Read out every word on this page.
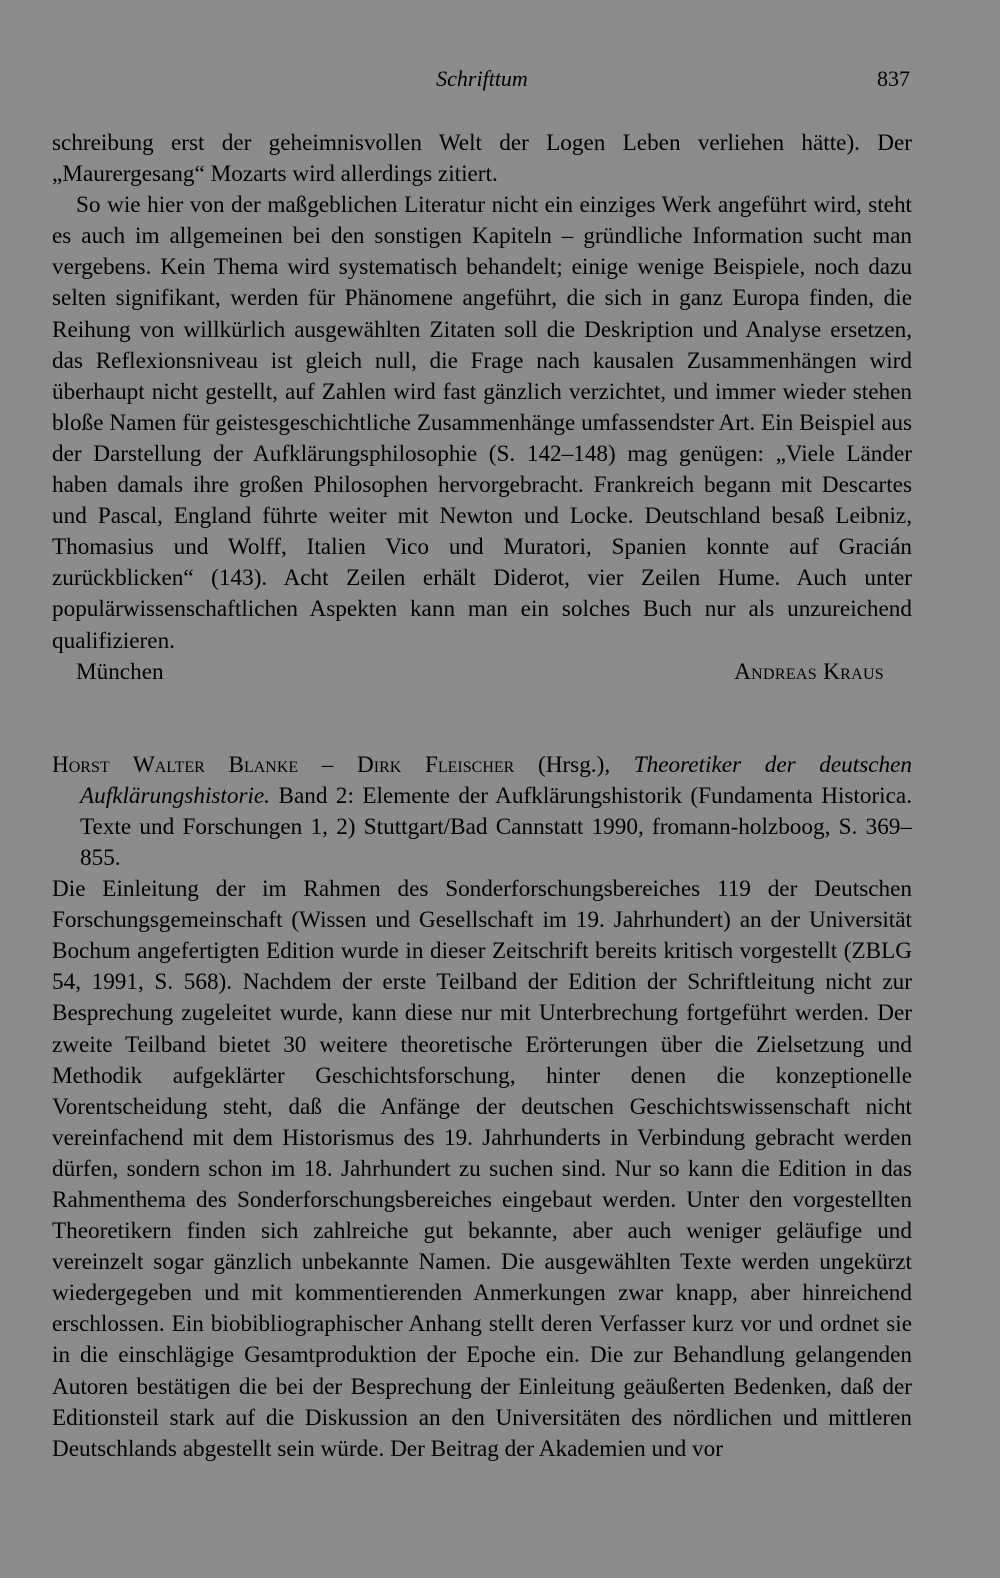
Schrifttum	837

schreibung erst der geheimnisvollen Welt der Logen Leben verliehen hätte). Der „Maurergesang“ Mozarts wird allerdings zitiert.

So wie hier von der maßgeblichen Literatur nicht ein einziges Werk angeführt wird, steht es auch im allgemeinen bei den sonstigen Kapiteln – gründliche Information sucht man vergebens. Kein Thema wird systematisch behandelt; einige wenige Beispiele, noch dazu selten signifikant, werden für Phänomene angeführt, die sich in ganz Europa finden, die Reihung von willkürlich ausgewählten Zitaten soll die Deskription und Analyse ersetzen, das Reflexionsniveau ist gleich null, die Frage nach kausalen Zusammenhängen wird überhaupt nicht gestellt, auf Zahlen wird fast gänzlich verzichtet, und immer wieder stehen bloße Namen für geistesgeschichtliche Zusammenhänge umfassendster Art. Ein Beispiel aus der Darstellung der Aufklärungsphilosophie (S. 142–148) mag genügen: „Viele Länder haben damals ihre großen Philosophen hervorgebracht. Frankreich begann mit Descartes und Pascal, England führte weiter mit Newton und Locke. Deutschland besaß Leibniz, Thomasius und Wolff, Italien Vico und Muratori, Spanien konnte auf Gracián zurückblicken“ (143). Acht Zeilen erhält Diderot, vier Zeilen Hume. Auch unter populärwissenschaftlichen Aspekten kann man ein solches Buch nur als unzureichend qualifizieren.

München	Andreas Kraus

Horst Walter Blanke – Dirk Fleischer (Hrsg.), Theoretiker der deutschen Aufklärungshistorie. Band 2: Elemente der Aufklärungshistorik (Fundamenta Historica. Texte und Forschungen 1, 2) Stuttgart/Bad Cannstatt 1990, fromann-holzboog, S. 369–855.

Die Einleitung der im Rahmen des Sonderforschungsbereiches 119 der Deutschen Forschungsgemeinschaft (Wissen und Gesellschaft im 19. Jahrhundert) an der Universität Bochum angefertigten Edition wurde in dieser Zeitschrift bereits kritisch vorgestellt (ZBLG 54, 1991, S. 568). Nachdem der erste Teilband der Edition der Schriftleitung nicht zur Besprechung zugeleitet wurde, kann diese nur mit Unterbrechung fortgeführt werden. Der zweite Teilband bietet 30 weitere theoretische Erörterungen über die Zielsetzung und Methodik aufgeklärter Geschichtsforschung, hinter denen die konzeptionelle Vorentscheidung steht, daß die Anfänge der deutschen Geschichtswissenschaft nicht vereinfachend mit dem Historismus des 19. Jahrhunderts in Verbindung gebracht werden dürfen, sondern schon im 18. Jahrhundert zu suchen sind. Nur so kann die Edition in das Rahmenthema des Sonderforschungsbereiches eingebaut werden. Unter den vorgestellten Theoretikern finden sich zahlreiche gut bekannte, aber auch weniger geläufige und vereinzelt sogar gänzlich unbekannte Namen. Die ausgewählten Texte werden ungekürzt wiedergegeben und mit kommentierenden Anmerkungen zwar knapp, aber hinreichend erschlossen. Ein biobibliographischer Anhang stellt deren Verfasser kurz vor und ordnet sie in die einschlägige Gesamtproduktion der Epoche ein. Die zur Behandlung gelangenden Autoren bestätigen die bei der Besprechung der Einleitung geäußerten Bedenken, daß der Editionsteil stark auf die Diskussion an den Universitäten des nördlichen und mittleren Deutschlands abgestellt sein würde. Der Beitrag der Akademien und vor
